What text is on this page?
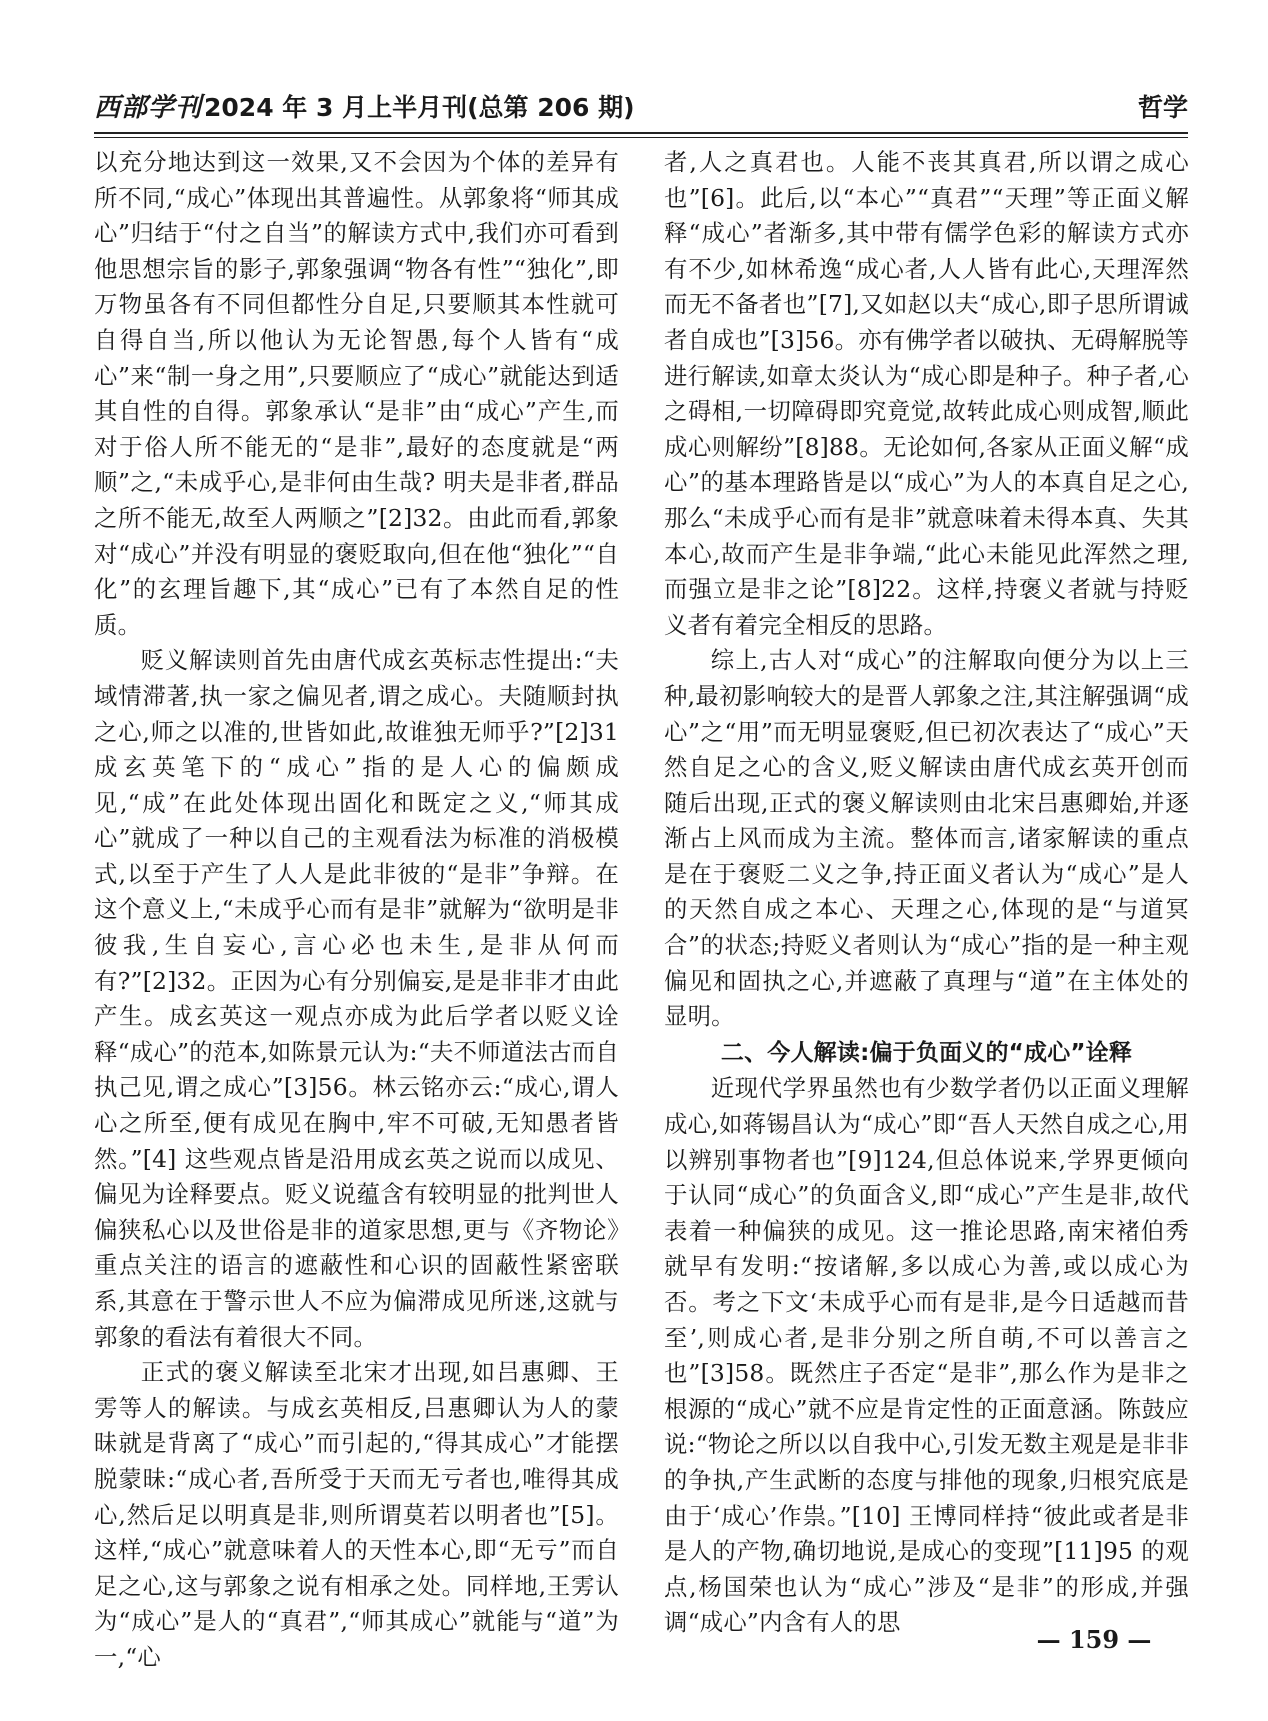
西部学刊2024 年 3 月上半月刊(总第 206 期)	哲学

以充分地达到这一效果,又不会因为个体的差异有所不同,“成心”体现出其普遍性。从郭象将“师其成心”归结于“付之自当”的解读方式中,我们亦可看到他思想宗旨的影子,郭象强调“物各有性”“独化”,即万物虽各有不同但都性分自足,只要顺其本性就可自得自当,所以他认为无论智愚,每个人皆有“成心”来“制一身之用”,只要顺应了“成心”就能达到适其自性的自得。郭象承认“是非”由“成心”产生,而对于俗人所不能无的“是非”,最好的态度就是“两顺”之,“未成乎心,是非何由生哉? 明夫是非者,群品之所不能无,故至人两顺之”[2]32。由此而看,郭象对“成心”并没有明显的褒贬取向,但在他“独化”“自化”的玄理旨趣下,其“成心”已有了本然自足的性质。

贬义解读则首先由唐代成玄英标志性提出:“夫域情滞著,执一家之偏见者,谓之成心。夫随顺封执之心,师之以准的,世皆如此,故谁独无师乎?”[2]31 成玄英笔下的“成心”指的是人心的偏颇成见,“成”在此处体现出固化和既定之义,“师其成心”就成了一种以自己的主观看法为标准的消极模式,以至于产生了人人是此非彼的“是非”争辩。在这个意义上,“未成乎心而有是非”就解为“欲明是非彼我,生自妄心,言心必也未生,是非从何而有?”[2]32。正因为心有分别偏妄,是是非非才由此产生。成玄英这一观点亦成为此后学者以贬义诠释“成心”的范本,如陈景元认为:“夫不师道法古而自执己见,谓之成心”[3]56。林云铭亦云:“成心,谓人心之所至,便有成见在胸中,牢不可破,无知愚者皆然。”[4] 这些观点皆是沿用成玄英之说而以成见、偏见为诠释要点。贬义说蕴含有较明显的批判世人偏狭私心以及世俗是非的道家思想,更与《齐物论》重点关注的语言的遮蔽性和心识的固蔽性紧密联系,其意在于警示世人不应为偏滞成见所迷,这就与郭象的看法有着很大不同。

正式的褒义解读至北宋才出现,如吕惠卿、王雱等人的解读。与成玄英相反,吕惠卿认为人的蒙昧就是背离了“成心”而引起的,“得其成心”才能摆脱蒙昧:“成心者,吾所受于天而无亏者也,唯得其成心,然后足以明真是非,则所谓莫若以明者也”[5]。这样,“成心”就意味着人的天性本心,即“无亏”而自足之心,这与郭象之说有相承之处。同样地,王雱认为“成心”是人的“真君”,“师其成心”就能与“道”为一,“心

者,人之真君也。人能不丧其真君,所以谓之成心也”[6]。此后,以“本心”“真君”“天理”等正面义解释“成心”者渐多,其中带有儒学色彩的解读方式亦有不少,如林希逸“成心者,人人皆有此心,天理浑然而无不备者也”[7],又如赵以夫“成心,即子思所谓诚者自成也”[3]56。亦有佛学者以破执、无碍解脱等进行解读,如章太炎认为“成心即是种子。种子者,心之碍相,一切障碍即究竟觉,故转此成心则成智,顺此成心则解纷”[8]88。无论如何,各家从正面义解“成心”的基本理路皆是以“成心”为人的本真自足之心,那么“未成乎心而有是非”就意味着未得本真、失其本心,故而产生是非争端,“此心未能见此浑然之理,而强立是非之论”[8]22。这样,持褒义者就与持贬义者有着完全相反的思路。

综上,古人对“成心”的注解取向便分为以上三种,最初影响较大的是晋人郭象之注,其注解强调“成心”之“用”而无明显褒贬,但已初次表达了“成心”天然自足之心的含义,贬义解读由唐代成玄英开创而随后出现,正式的褒义解读则由北宋吕惠卿始,并逐渐占上风而成为主流。整体而言,诸家解读的重点是在于褒贬二义之争,持正面义者认为“成心”是人的天然自成之本心、天理之心,体现的是“与道冥合”的状态;持贬义者则认为“成心”指的是一种主观偏见和固执之心,并遮蔽了真理与“道”在主体处的显明。

二、今人解读:偏于负面义的“成心”诠释

近现代学界虽然也有少数学者仍以正面义理解成心,如蒋锡昌认为“成心”即“吾人天然自成之心,用以辨别事物者也”[9]124,但总体说来,学界更倾向于认同“成心”的负面含义,即“成心”产生是非,故代表着一种偏狭的成见。这一推论思路,南宋褚伯秀就早有发明:“按诸解,多以成心为善,或以成心为否。考之下文‘未成乎心而有是非,是今日适越而昔至’,则成心者,是非分别之所自萌,不可以善言之也”[3]58。既然庄子否定“是非”,那么作为是非之根源的“成心”就不应是肯定性的正面意涵。陈鼓应说:“物论之所以以自我中心,引发无数主观是是非非的争执,产生武断的态度与排他的现象,归根究底是由于‘成心’作祟。”[10] 王博同样持“彼此或者是非是人的产物,确切地说,是成心的变现”[11]95 的观点,杨国荣也认为“成心”涉及“是非”的形成,并强调“成心”内含有人的思

— 159 —
